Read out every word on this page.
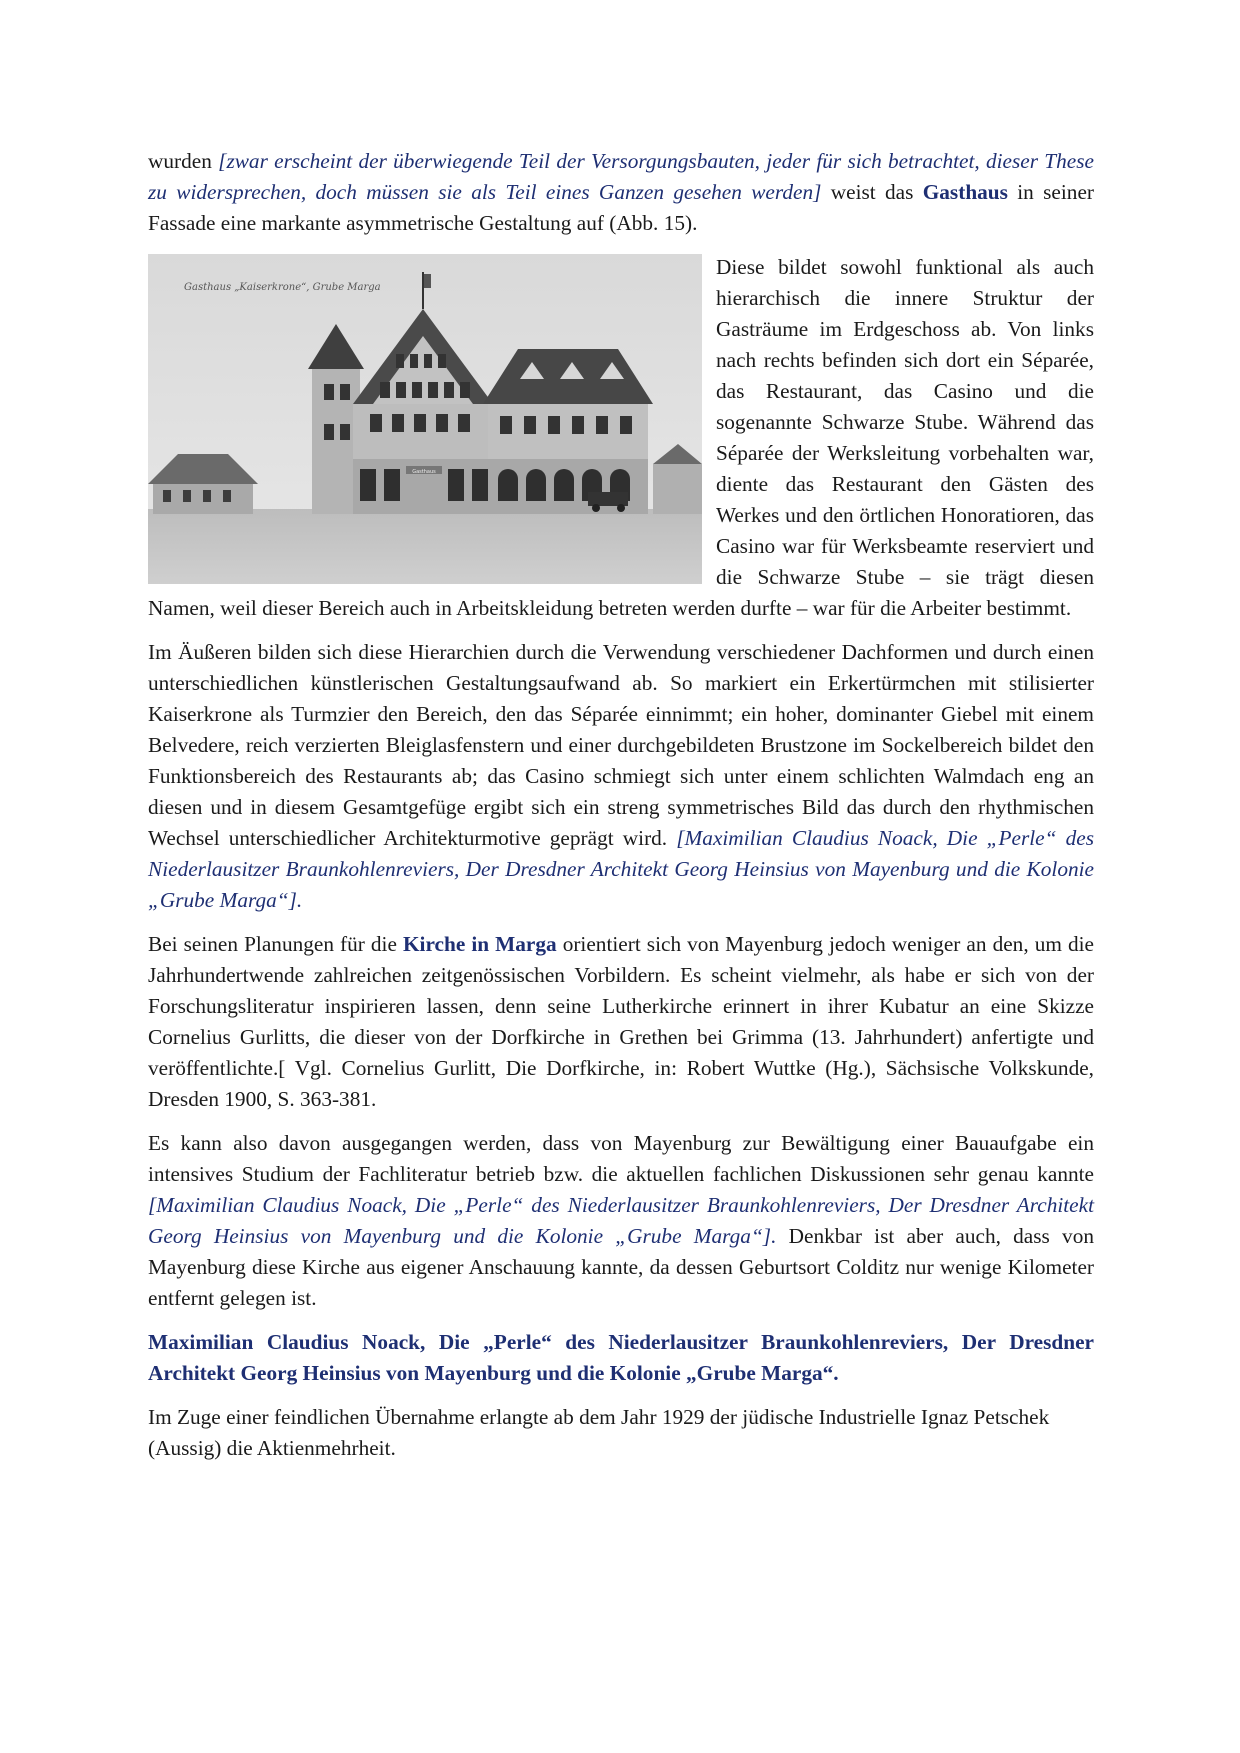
wurden [zwar erscheint der überwiegende Teil der Versorgungsbauten, jeder für sich betrachtet, dieser These zu widersprechen, doch müssen sie als Teil eines Ganzen gesehen werden] weist das Gasthaus in seiner Fassade eine markante asymmetrische Gestaltung auf (Abb. 15).

Gasthaus
Gasthaus „Kaiserkrone“, Grube Marga

Diese bildet sowohl funktional als auch hierarchisch die innere Struktur der Gasträume im Erdgeschoss ab. Von links nach rechts befinden sich dort ein Séparée, das Restaurant, das Casino und die sogenannte Schwarze Stube. Während das Séparée der Werksleitung vorbehalten war, diente das Restaurant den Gästen des Werkes und den örtlichen Honoratioren, das Casino war für Werksbeamte reserviert und die Schwarze Stube – sie trägt diesen Namen, weil dieser Bereich auch in Arbeitskleidung betreten werden durfte – war für die Arbeiter bestimmt.

Im Äußeren bilden sich diese Hierarchien durch die Verwendung verschiedener Dachformen und durch einen unterschiedlichen künstlerischen Gestaltungsaufwand ab. So markiert ein Erkertürmchen mit stilisierter Kaiserkrone als Turmzier den Bereich, den das Séparée einnimmt; ein hoher, dominanter Giebel mit einem Belvedere, reich verzierten Bleiglasfenstern und einer durchgebildeten Brustzone im Sockelbereich bildet den Funktionsbereich des Restaurants ab; das Casino schmiegt sich unter einem schlichten Walmdach eng an diesen und in diesem Gesamtgefüge ergibt sich ein streng symmetrisches Bild das durch den rhythmischen Wechsel unterschiedlicher Architekturmotive geprägt wird. [Maximilian Claudius Noack, Die „Perle“ des Niederlausitzer Braunkohlenreviers, Der Dresdner Architekt Georg Heinsius von Mayenburg und die Kolonie „Grube Marga“].

Bei seinen Planungen für die Kirche in Marga orientiert sich von Mayenburg jedoch weniger an den, um die Jahrhundertwende zahlreichen zeitgenössischen Vorbildern. Es scheint vielmehr, als habe er sich von der Forschungsliteratur inspirieren lassen, denn seine Lutherkirche erinnert in ihrer Kubatur an eine Skizze Cornelius Gurlitts, die dieser von der Dorfkirche in Grethen bei Grimma (13. Jahrhundert) anfertigte und veröffentlichte.[ Vgl. Cornelius Gurlitt, Die Dorfkirche, in: Robert Wuttke (Hg.), Sächsische Volkskunde, Dresden 1900, S. 363-381.

Es kann also davon ausgegangen werden, dass von Mayenburg zur Bewältigung einer Bauaufgabe ein intensives Studium der Fachliteratur betrieb bzw. die aktuellen fachlichen Diskussionen sehr genau kannte [Maximilian Claudius Noack, Die „Perle“ des Niederlausitzer Braunkohlenreviers, Der Dresdner Architekt Georg Heinsius von Mayenburg und die Kolonie „Grube Marga“]. Denkbar ist aber auch, dass von Mayenburg diese Kirche aus eigener Anschauung kannte, da dessen Geburtsort Colditz nur wenige Kilometer entfernt gelegen ist.

Maximilian Claudius Noack, Die „Perle“ des Niederlausitzer Braunkohlenreviers, Der Dresdner Architekt Georg Heinsius von Mayenburg und die Kolonie „Grube Marga“.

Im Zuge einer feindlichen Übernahme erlangte ab dem Jahr 1929 der jüdische Industrielle Ignaz Petschek (Aussig) die Aktienmehrheit.
